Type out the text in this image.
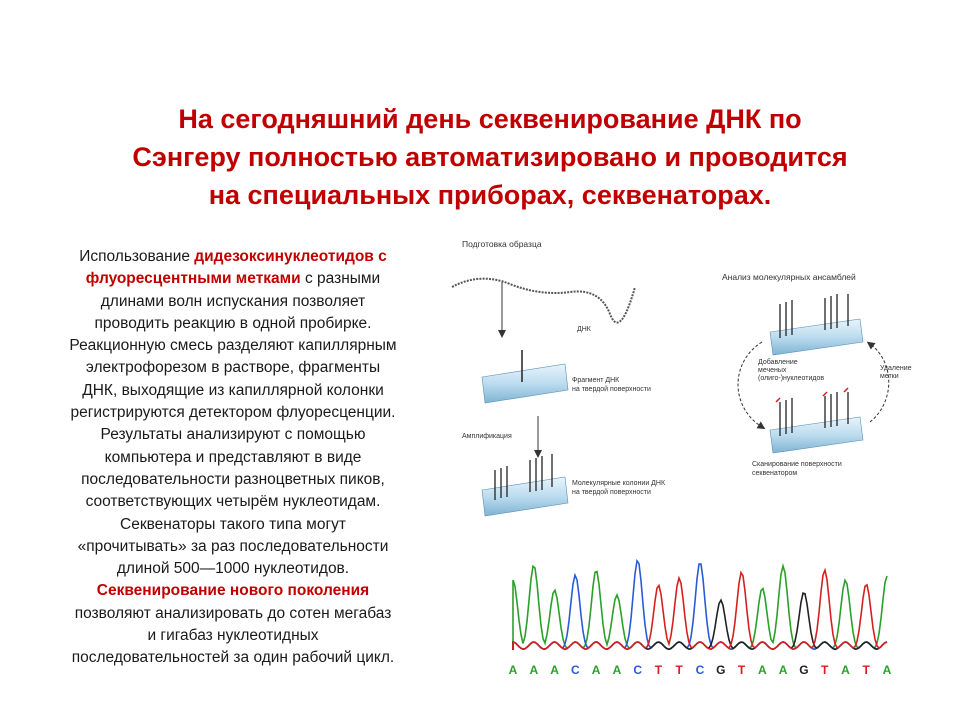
На сегодняшний день секвенирование ДНК по
Сэнгеру полностью автоматизировано и проводится
на специальных приборах, секвенаторах.
Использование дидезоксинуклеотидов с
флуоресцентными метками с разными
длинами волн испускания позволяет
проводить реакцию в одной пробирке.
Реакционную смесь разделяют капиллярным
электрофорезом в растворе, фрагменты
ДНК, выходящие из капиллярной колонки
регистрируются детектором флуоресценции.
Результаты анализируют с помощью
компьютера и представляют в виде
последовательности разноцветных пиков,
соответствующих четырём нуклеотидам.
Секвенаторы такого типа могут
«прочитывать» за раз последовательности
длиной 500—1000 нуклеотидов.
Секвенирование нового поколения
позволяют анализировать до сотен мегабаз
и гигабаз нуклеотидных
последовательностей за один рабочий цикл.
Подготовка образца
ДНК
Фрагмент ДНК
на твердой поверхности
Амплификация
Молекулярные колонии ДНК
на твердой поверхности
Анализ молекулярных ансамблей
Добавление
меченых
(олиго-)нуклеотидов
Удаление
метки
Сканирование поверхности
секвенатором
A A A C A A C T T C G T A A G T A T A
